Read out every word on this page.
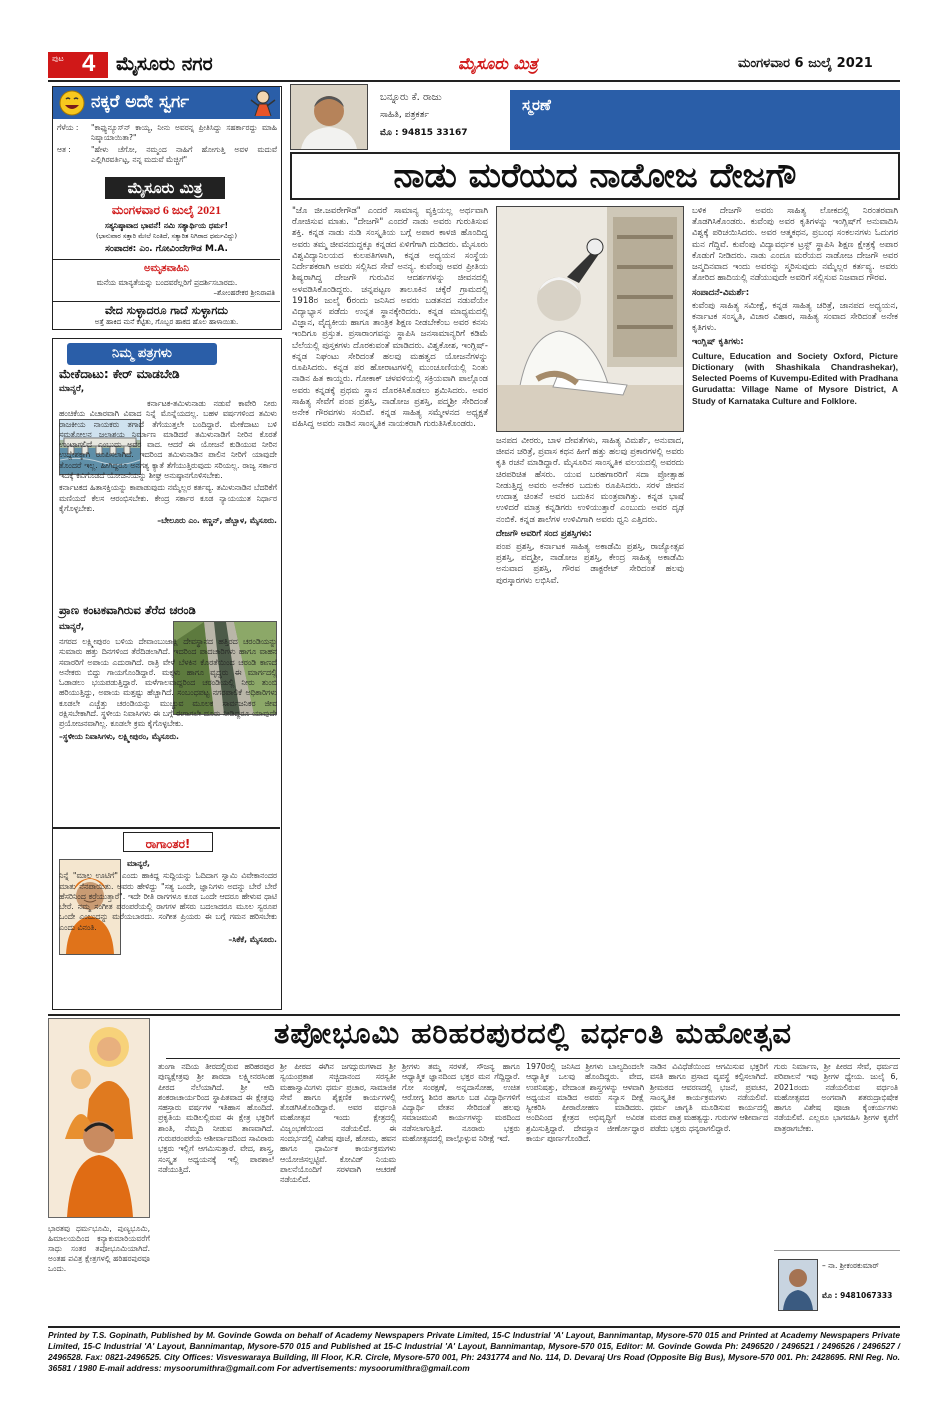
ಪುಟ 4 ಮೈಸೂರು ನಗರ	ಮೈಸೂರು ಮಿತ್ರ	ಮಂಗಳವಾರ 6 ಜುಲೈ 2021
ನಕ್ಕರೆ ಅದೇ ಸ್ವರ್ಗ
ಗೆಳೆಯ :	"ಕಾಫ್ಯುನ್ಯೂಸ್‌ನ್ ಕಾಯ್ಯ, ನೀನು ಅವರನ್ನ ಪ್ರೀತಿಸಿದ್ದು ಸಹರ್ಕಾರದ್ದು ಮಾಹಿ ನಿಷ್ಕಾಯಾಯಿತಾ?"
ಆತ :	"ಹೇಳು ಚೆಗೋ, ನಮ್ಮಂದ ನಾಹಿಗೆ ಹೋಗುತ್ತಿ ಅವಳ ಮದುವೆ ಎಲ್ಲಿಗಿರವರ್ತಿಟ್ಟ, ನನ್ನ ಮದುವೆ ಮೆಚ್ಚಿಗೆ"
ಮೈಸೂರು ಮಿತ್ರ
ಮಂಗಳವಾರ 6 ಜುಲೈ 2021
ಸತ್ಯನಿಷ್ಠಾವಾದ ಭಾವನೆ! ನಮಿ ಸತ್ಯಾರ್ಥಿಯ ಧರ್ಮ!
(ಭಾನುವಾರ ಸತ್ತಾರಿ ಮೇಲೆ ನಿಂತಿದೆ, ಸತ್ಯಾರಿತ ನಿಗಿರಾದ ಧರ್ಮವಿದ್ದು)
ಸಂಪಾದಕ: ಎಂ. ಗೋವಿಂದೇಗೌಡ M.A.
ಅಮೃತವಾಹಿನಿ
ಮನೆಯ ಮಾನ್ಯತೆಯನ್ನು ಬಂದವರೆಲ್ಲರಿಗೆ ಪ್ರದರ್ಶಿಸಬಾರದು.
–ಶೋಂಹರೇಕರ ಶ್ರೀನಿರಾಪತಿ
ವೇದ ಸುಳ್ಳಾದರೂ ಗಾದೆ ಸುಳ್ಳಾಗದು
ಅತ್ತೆ ಹಾಕಿದ ಮನೆ ಕೆಟ್ಟಿತು, ಗೊಬ್ಬರ ಹಾಕದ ಹೊಲ ಹಾಳಾಯಿತು.
ನಿಮ್ಮ ಪತ್ರಗಳು
ಮೇಕೆದಾಟು: ಕೇರ್ ಮಾಡಬೇಡಿ
ಮಾನ್ಯರೆ,

ಕರ್ನಾಟಕ-ತಮಿಳುನಾಡು ನಡುವೆ ಕಾವೇರಿ ನೀರು ಹಂಚಿಕೆಯ ವಿಚಾರವಾಗಿ ವಿವಾದ ನಿನ್ನೆ ಮೊನ್ನೆಯದಲ್ಲ. ಬಹಳ ವರ್ಷಗಳಿಂದ ತಮಿಳು ರಾಜಕೀಯ ನಾಯಕರು ತಗಾದೆ ತೆಗೆಯುತ್ತಲೇ ಬಂದಿದ್ದಾರೆ. ಮೇಕೆದಾಟು ಬಳಿ ಸಮತೋಲನ ಜಲಾಶಯ ನಿರ್ಮಾಣ ಮಾಡಿದರೆ ತಮಿಳುನಾಡಿಗೆ ನೀರಿನ ಕೊರತೆ ಉಂಟಾಗಲಿದೆ ಎಂಬುದು ಅವರ ವಾದ. ಆದರೆ ಈ ಯೋಜನೆ ಕುಡಿಯುವ ನೀರಿನ ಉದ್ದೇಶಕ್ಕಾಗಿ ರೂಪಿಸಲಾಗಿದೆ. ಇದರಿಂದ ತಮಿಳುನಾಡಿನ ಪಾಲಿನ ನೀರಿಗೆ ಯಾವುದೇ ತೊಂದರೆ ಇಲ್ಲ. ಹೀಗಿದ್ದರೂ ಅನಗತ್ಯ ಕ್ಯಾತೆ ತೆಗೆಯುತ್ತಿರುವುದು ಸರಿಯಲ್ಲ. ರಾಜ್ಯ ಸರ್ಕಾರ ಇದಕ್ಕೆ ಕಿವಿಗೊಡದೆ ಯೋಜನೆಯನ್ನು ಶೀಘ್ರ ಅನುಷ್ಠಾನಗೊಳಿಸಬೇಕು.

ಕರ್ನಾಟಕದ ಹಿತಾಸಕ್ತಿಯನ್ನು ಕಾಪಾಡುವುದು ನಮ್ಮೆಲ್ಲರ ಕರ್ತವ್ಯ. ತಮಿಳುನಾಡಿನ ಬೆದರಿಕೆಗೆ ಮಣಿಯದೆ ಕೆಲಸ ಆರಂಭಿಸಬೇಕು. ಕೇಂದ್ರ ಸರ್ಕಾರ ಕೂಡ ನ್ಯಾಯಯುತ ನಿರ್ಧಾರ ಕೈಗೊಳ್ಳಬೇಕು.

–ಬೇಲೂರು ಎಂ. ಕಣ್ಣನ್, ಹೆಬ್ಬಾಳ, ಮೈಸೂರು.

ಪ್ರಾಣ ಕಂಟಕವಾಗಿರುವ ತೆರೆದ ಚರಂಡಿ
ಮಾನ್ಯರೆ,

ನಗರದ ಲಕ್ಷ್ಮೀಪುರಂ ಬಳಿಯ ದೇವಾಂಬುಜಾಕ್ಷಿ ದೇವಸ್ಥಾನದ ಹತ್ತಿರದ ಚರಂಡಿಯನ್ನು ಸುಮಾರು ಹತ್ತು ದಿನಗಳಿಂದ ತೆರೆದಿಡಲಾಗಿದೆ. ಇದರಿಂದ ಪಾದಚಾರಿಗಳು ಹಾಗೂ ವಾಹನ ಸವಾರರಿಗೆ ಅಪಾಯ ಎದುರಾಗಿದೆ. ರಾತ್ರಿ ವೇಳೆ ಬೆಳಕಿನ ಕೊರತೆಯಿಂದ ಚರಂಡಿ ಕಾಣದೆ ಅನೇಕರು ಬಿದ್ದು ಗಾಯಗೊಂಡಿದ್ದಾರೆ. ಮಕ್ಕಳು ಹಾಗೂ ವೃದ್ಧರು ಈ ಮಾರ್ಗದಲ್ಲಿ ಓಡಾಡಲು ಭಯಪಡುತ್ತಿದ್ದಾರೆ. ಮಳೆಗಾಲವಾದ್ದರಿಂದ ಚರಂಡಿಯಲ್ಲಿ ನೀರು ತುಂಬಿ ಹರಿಯುತ್ತಿದ್ದು, ಅಪಾಯ ಮತ್ತಷ್ಟು ಹೆಚ್ಚಾಗಿದೆ. ಸಂಬಂಧಪಟ್ಟ ನಗರಪಾಲಿಕೆ ಅಧಿಕಾರಿಗಳು ಕೂಡಲೇ ಎಚ್ಚೆತ್ತು ಚರಂಡಿಯನ್ನು ಮುಚ್ಚುವ ಮೂಲಕ ಸಾರ್ವಜನಿಕರ ಜೀವ ರಕ್ಷಿಸಬೇಕಾಗಿದೆ. ಸ್ಥಳೀಯ ನಿವಾಸಿಗಳು ಈ ಬಗ್ಗೆ ಈಗಾಗಲೇ ದೂರು ನೀಡಿದ್ದರೂ ಯಾವುದೇ ಪ್ರಯೋಜನವಾಗಿಲ್ಲ. ಕೂಡಲೇ ಕ್ರಮ ಕೈಗೊಳ್ಳಬೇಕು.

–ಸ್ಥಳೀಯ ನಿವಾಸಿಗಳು, ಲಕ್ಷ್ಮೀಪುರಂ, ಮೈಸೂರು.

ರಾಗಾಂತರ!

ಮಾನ್ಯರೆ,

ನಿನ್ನೆ "ಮಾಲ ಊಟಿಗೆ" ಎಂದು ಹಾಕಿದ್ದ ಸುದ್ದಿಯನ್ನು ಓದಿದಾಗ ಸ್ವಾಮಿ ವಿವೇಕಾನಂದರ ಮಾತು ನೆನಪಾಯಿತು. ಅವರು ಹೇಳಿದ್ದು "ಸತ್ಯ ಒಂದೇ, ಜ್ಞಾನಿಗಳು ಅದನ್ನು ಬೇರೆ ಬೇರೆ ಹೆಸರಿನಿಂದ ಕರೆಯುತ್ತಾರೆ". ಇದೇ ರೀತಿ ರಾಗಗಳೂ ಕೂಡ ಒಂದೇ ಆದರೂ ಹೇಳುವ ಧಾಟಿ ಬೇರೆ. ನಮ್ಮ ಸಂಗೀತ ಪರಂಪರೆಯಲ್ಲಿ ರಾಗಗಳ ಹೆಸರು ಬದಲಾದರೂ ಮೂಲ ಸ್ವರೂಪ ಒಂದೇ ಎಂಬುದನ್ನು ಮರೆಯಬಾರದು. ಸಂಗೀತ ಪ್ರಿಯರು ಈ ಬಗ್ಗೆ ಗಮನ ಹರಿಸಬೇಕು ಎಂದು ವಿನಂತಿ.

–ಸಿಕೆಕೆ, ಮೈಸೂರು.

ಬನ್ನೂರು ಕೆ. ರಾಜು
ಸಾಹಿತಿ, ಪತ್ರಕರ್ತ
ಮೊ : 94815 33167
ಸ್ಮರಣೆ
ನಾಡು ಮರೆಯದ ನಾಡೋಜ ದೇಜಗೌ

"ಜೊ ಜೀ.ಜವರೇಗೌಡ" ಎಂದರೆ ಸಾಮಾನ್ಯ ವ್ಯಕ್ತಿಯಲ್ಲ ಅರ್ಥವಾಗಿ ರೋಜಿಸುವ ಮಾತು. "ದೇಜಗೌ" ಎಂದರೆ ನಾಡು ಅವರು ಗುರುತಿಸುವ ಶಕ್ತಿ. ಕನ್ನಡ ನಾಡು ನುಡಿ ಸಂಸ್ಕೃತಿಯ ಬಗ್ಗೆ ಅಪಾರ ಕಾಳಜಿ ಹೊಂದಿದ್ದ ಅವರು ತಮ್ಮ ಜೀವನದುದ್ದಕ್ಕೂ ಕನ್ನಡದ ಏಳಿಗೆಗಾಗಿ ದುಡಿದರು. ಮೈಸೂರು ವಿಶ್ವವಿದ್ಯಾನಿಲಯದ ಕುಲಪತಿಗಳಾಗಿ, ಕನ್ನಡ ಅಧ್ಯಯನ ಸಂಸ್ಥೆಯ ನಿರ್ದೇಶಕರಾಗಿ ಅವರು ಸಲ್ಲಿಸಿದ ಸೇವೆ ಅನನ್ಯ. ಕುವೆಂಪು ಅವರ ಪ್ರೀತಿಯ ಶಿಷ್ಯರಾಗಿದ್ದ ದೇಜಗೌ ಗುರುವಿನ ಆದರ್ಶಗಳನ್ನು ಜೀವನದಲ್ಲಿ ಅಳವಡಿಸಿಕೊಂಡಿದ್ದರು. ಚನ್ನಪಟ್ಟಣ ತಾಲೂಕಿನ ಚಕ್ಕೆರೆ ಗ್ರಾಮದಲ್ಲಿ 1918ರ ಜುಲೈ 6ರಂದು ಜನಿಸಿದ ಅವರು ಬಡತನದ ನಡುವೆಯೇ ವಿದ್ಯಾಭ್ಯಾಸ ಪಡೆದು ಉನ್ನತ ಸ್ಥಾನಕ್ಕೇರಿದರು. ಕನ್ನಡ ಮಾಧ್ಯಮದಲ್ಲಿ ವಿಜ್ಞಾನ, ವೈದ್ಯಕೀಯ ಹಾಗೂ ತಾಂತ್ರಿಕ ಶಿಕ್ಷಣ ನೀಡಬೇಕೆಂಬ ಅವರ ಕನಸು ಇಂದಿಗೂ ಪ್ರಸ್ತುತ. ಪ್ರಸಾರಾಂಗವನ್ನು ಸ್ಥಾಪಿಸಿ ಜನಸಾಮಾನ್ಯರಿಗೆ ಕಡಿಮೆ ಬೆಲೆಯಲ್ಲಿ ಪುಸ್ತಕಗಳು ದೊರಕುವಂತೆ ಮಾಡಿದರು. ವಿಶ್ವಕೋಶ, ಇಂಗ್ಲಿಷ್-ಕನ್ನಡ ನಿಘಂಟು ಸೇರಿದಂತೆ ಹಲವು ಮಹತ್ವದ ಯೋಜನೆಗಳನ್ನು ರೂಪಿಸಿದರು. ಕನ್ನಡ ಪರ ಹೋರಾಟಗಳಲ್ಲಿ ಮುಂಚೂಣಿಯಲ್ಲಿ ನಿಂತು ನಾಡಿನ ಹಿತ ಕಾಯ್ದರು. ಗೋಕಾಕ್ ಚಳವಳಿಯಲ್ಲಿ ಸಕ್ರಿಯವಾಗಿ ಪಾಲ್ಗೊಂಡ ಅವರು ಕನ್ನಡಕ್ಕೆ ಪ್ರಥಮ ಸ್ಥಾನ ದೊರಕಿಸಿಕೊಡಲು ಶ್ರಮಿಸಿದರು. ಅವರ ಸಾಹಿತ್ಯ ಸೇವೆಗೆ ಪಂಪ ಪ್ರಶಸ್ತಿ, ನಾಡೋಜ ಪ್ರಶಸ್ತಿ, ಪದ್ಮಶ್ರೀ ಸೇರಿದಂತೆ ಅನೇಕ ಗೌರವಗಳು ಸಂದಿವೆ. ಕನ್ನಡ ಸಾಹಿತ್ಯ ಸಮ್ಮೇಳನದ ಅಧ್ಯಕ್ಷತೆ ವಹಿಸಿದ್ದ ಅವರು ನಾಡಿನ ಸಾಂಸ್ಕೃತಿಕ ನಾಯಕರಾಗಿ ಗುರುತಿಸಿಕೊಂಡರು.

ಜನಪದ ವೀರರು, ಬಾಳ ದೇವತೆಗಳು, ಸಾಹಿತ್ಯ ವಿಮರ್ಶೆ, ಅನುವಾದ, ಜೀವನ ಚರಿತ್ರೆ, ಪ್ರವಾಸ ಕಥನ ಹೀಗೆ ಹತ್ತು ಹಲವು ಪ್ರಕಾರಗಳಲ್ಲಿ ಅವರು ಕೃತಿ ರಚನೆ ಮಾಡಿದ್ದಾರೆ. ಮೈಸೂರಿನ ಸಾಂಸ್ಕೃತಿಕ ವಲಯದಲ್ಲಿ ಅವರದು ಚಿರಪರಿಚಿತ ಹೆಸರು. ಯುವ ಬರಹಗಾರರಿಗೆ ಸದಾ ಪ್ರೋತ್ಸಾಹ ನೀಡುತ್ತಿದ್ದ ಅವರು ಅನೇಕರ ಬದುಕು ರೂಪಿಸಿದರು. ಸರಳ ಜೀವನ ಉದಾತ್ತ ಚಿಂತನೆ ಅವರ ಬದುಕಿನ ಮಂತ್ರವಾಗಿತ್ತು. ಕನ್ನಡ ಭಾಷೆ ಉಳಿದರೆ ಮಾತ್ರ ಕನ್ನಡಿಗರು ಉಳಿಯುತ್ತಾರೆ ಎಂಬುದು ಅವರ ದೃಢ ನಂಬಿಕೆ. ಕನ್ನಡ ಶಾಲೆಗಳ ಉಳಿವಿಗಾಗಿ ಅವರು ಧ್ವನಿ ಎತ್ತಿದರು.

ದೇಜಗೌ ಅವರಿಗೆ ಸಂದ ಪ್ರಶಸ್ತಿಗಳು:

ಪಂಪ ಪ್ರಶಸ್ತಿ, ಕರ್ನಾಟಕ ಸಾಹಿತ್ಯ ಅಕಾಡೆಮಿ ಪ್ರಶಸ್ತಿ, ರಾಜ್ಯೋತ್ಸವ ಪ್ರಶಸ್ತಿ, ಪದ್ಮಶ್ರೀ, ನಾಡೋಜ ಪ್ರಶಸ್ತಿ, ಕೇಂದ್ರ ಸಾಹಿತ್ಯ ಅಕಾಡೆಮಿ ಅನುವಾದ ಪ್ರಶಸ್ತಿ, ಗೌರವ ಡಾಕ್ಟರೇಟ್ ಸೇರಿದಂತೆ ಹಲವು ಪುರಸ್ಕಾರಗಳು ಲಭಿಸಿವೆ.

ಬಳಿಕ ದೇಜಗೌ ಅವರು ಸಾಹಿತ್ಯ ಲೋಕದಲ್ಲಿ ನಿರಂತರವಾಗಿ ತೊಡಗಿಸಿಕೊಂಡರು. ಕುವೆಂಪು ಅವರ ಕೃತಿಗಳನ್ನು ಇಂಗ್ಲಿಷ್‌ಗೆ ಅನುವಾದಿಸಿ ವಿಶ್ವಕ್ಕೆ ಪರಿಚಯಿಸಿದರು. ಅವರ ಆತ್ಮಕಥನ, ಪ್ರಬಂಧ ಸಂಕಲನಗಳು ಓದುಗರ ಮನ ಗೆದ್ದಿವೆ. ಕುವೆಂಪು ವಿದ್ಯಾವರ್ಧಕ ಟ್ರಸ್ಟ್ ಸ್ಥಾಪಿಸಿ ಶಿಕ್ಷಣ ಕ್ಷೇತ್ರಕ್ಕೆ ಅಪಾರ ಕೊಡುಗೆ ನೀಡಿದರು. ನಾಡು ಎಂದೂ ಮರೆಯದ ನಾಡೋಜ ದೇಜಗೌ ಅವರ ಜನ್ಮದಿನವಾದ ಇಂದು ಅವರನ್ನು ಸ್ಮರಿಸುವುದು ನಮ್ಮೆಲ್ಲರ ಕರ್ತವ್ಯ. ಅವರು ತೋರಿದ ಹಾದಿಯಲ್ಲಿ ನಡೆಯುವುದೇ ಅವರಿಗೆ ಸಲ್ಲಿಸುವ ನಿಜವಾದ ಗೌರವ.

ಸಂಪಾದನೆ-ವಿಮರ್ಶೆ:

ಕುವೆಂಪು ಸಾಹಿತ್ಯ ಸಮೀಕ್ಷೆ, ಕನ್ನಡ ಸಾಹಿತ್ಯ ಚರಿತ್ರೆ, ಜಾನಪದ ಅಧ್ಯಯನ, ಕರ್ನಾಟಕ ಸಂಸ್ಕೃತಿ, ವಿಚಾರ ವಿಹಾರ, ಸಾಹಿತ್ಯ ಸಂವಾದ ಸೇರಿದಂತೆ ಅನೇಕ ಕೃತಿಗಳು.

ಇಂಗ್ಲಿಷ್ ಕೃತಿಗಳು:

Culture, Education and Society Oxford, Picture Dictionary (with Shashikala Chandrashekar), Selected Poems of Kuvempu-Edited with Pradhana Gurudatta: Village Name of Mysore District, A Study of Karnataka Culture and Folklore.

ತಪೋಭೂಮಿ ಹರಿಹರಪುರದಲ್ಲಿ ವರ್ಧಂತಿ ಮಹೋತ್ಸವ
ಭಾರತವು ಧರ್ಮಭೂಮಿ, ಪುಣ್ಯಭೂಮಿ, ಹಿಮಾಲಯದಿಂದ ಕನ್ಯಾಕುಮಾರಿಯವರೆಗೆ ಸಾಧು ಸಂತರ ತಪೋಭೂಮಿಯಾಗಿದೆ. ಅಂತಹ ಪವಿತ್ರ ಕ್ಷೇತ್ರಗಳಲ್ಲಿ ಹರಿಹರಪುರವೂ ಒಂದು.
ತುಂಗಾ ನದಿಯ ತೀರದಲ್ಲಿರುವ ಹರಿಹರಪುರ ಪುಣ್ಯಕ್ಷೇತ್ರವು ಶ್ರೀ ಶಾರದಾ ಲಕ್ಷ್ಮೀನರಸಿಂಹ ಪೀಠದ ನೆಲೆಯಾಗಿದೆ. ಶ್ರೀ ಆದಿ ಶಂಕರಾಚಾರ್ಯರಿಂದ ಸ್ಥಾಪಿತವಾದ ಈ ಕ್ಷೇತ್ರವು ಸಹಸ್ರಾರು ವರ್ಷಗಳ ಇತಿಹಾಸ ಹೊಂದಿದೆ. ಪ್ರಕೃತಿಯ ಮಡಿಲಲ್ಲಿರುವ ಈ ಕ್ಷೇತ್ರ ಭಕ್ತರಿಗೆ ಶಾಂತಿ, ನೆಮ್ಮದಿ ನೀಡುವ ತಾಣವಾಗಿದೆ. ಗುರುಪರಂಪರೆಯ ಆಶೀರ್ವಾದದಿಂದ ಸಾವಿರಾರು ಭಕ್ತರು ಇಲ್ಲಿಗೆ ಆಗಮಿಸುತ್ತಾರೆ. ವೇದ, ಶಾಸ್ತ್ರ, ಸಂಸ್ಕೃತ ಅಧ್ಯಯನಕ್ಕೆ ಇಲ್ಲಿ ಪಾಠಶಾಲೆ ನಡೆಯುತ್ತಿದೆ.
ಶ್ರೀ ಪೀಠದ ಈಗಿನ ಜಗದ್ಗುರುಗಳಾದ ಶ್ರೀ ಸ್ವಯಂಪ್ರಕಾಶ ಸಚ್ಚಿದಾನಂದ ಸರಸ್ವತೀ ಮಹಾಸ್ವಾಮಿಗಳು ಧರ್ಮ ಪ್ರಚಾರ, ಸಾಮಾಜಿಕ ಸೇವೆ ಹಾಗೂ ಶೈಕ್ಷಣಿಕ ಕಾರ್ಯಗಳಲ್ಲಿ ತೊಡಗಿಸಿಕೊಂಡಿದ್ದಾರೆ. ಅವರ ವರ್ಧಂತಿ ಮಹೋತ್ಸವ ಇಂದು ಕ್ಷೇತ್ರದಲ್ಲಿ ವಿಜೃಂಭಣೆಯಿಂದ ನಡೆಯಲಿದೆ. ಈ ಸಂದರ್ಭದಲ್ಲಿ ವಿಶೇಷ ಪೂಜೆ, ಹೋಮ, ಹವನ ಹಾಗೂ ಧಾರ್ಮಿಕ ಕಾರ್ಯಕ್ರಮಗಳು ಆಯೋಜಿಸಲ್ಪಟ್ಟಿವೆ. ಕೋವಿಡ್ ನಿಯಮ ಪಾಲನೆಯೊಂದಿಗೆ ಸರಳವಾಗಿ ಆಚರಣೆ ನಡೆಯಲಿದೆ.
ಶ್ರೀಗಳು ತಮ್ಮ ಸರಳತೆ, ಸೌಜನ್ಯ ಹಾಗೂ ಆಧ್ಯಾತ್ಮಿಕ ಜ್ಞಾನದಿಂದ ಭಕ್ತರ ಮನ ಗೆದ್ದಿದ್ದಾರೆ. ಗೋ ಸಂರಕ್ಷಣೆ, ಅನ್ನದಾಸೋಹ, ಉಚಿತ ಆರೋಗ್ಯ ಶಿಬಿರ ಹಾಗೂ ಬಡ ವಿದ್ಯಾರ್ಥಿಗಳಿಗೆ ವಿದ್ಯಾರ್ಥಿ ವೇತನ ಸೇರಿದಂತೆ ಹಲವು ಸಮಾಜಮುಖಿ ಕಾರ್ಯಗಳನ್ನು ಮಠದಿಂದ ನಡೆಸಲಾಗುತ್ತಿದೆ. ನೂರಾರು ಭಕ್ತರು ಮಹೋತ್ಸವದಲ್ಲಿ ಪಾಲ್ಗೊಳ್ಳುವ ನಿರೀಕ್ಷೆ ಇದೆ.
1970ರಲ್ಲಿ ಜನಿಸಿದ ಶ್ರೀಗಳು ಬಾಲ್ಯದಿಂದಲೇ ಆಧ್ಯಾತ್ಮಿಕ ಒಲವು ಹೊಂದಿದ್ದರು. ವೇದ, ಉಪನಿಷತ್ತು, ವೇದಾಂತ ಶಾಸ್ತ್ರಗಳನ್ನು ಆಳವಾಗಿ ಅಧ್ಯಯನ ಮಾಡಿದ ಅವರು ಸನ್ಯಾಸ ದೀಕ್ಷೆ ಸ್ವೀಕರಿಸಿ ಪೀಠಾರೋಹಣ ಮಾಡಿದರು. ಅಂದಿನಿಂದ ಕ್ಷೇತ್ರದ ಅಭಿವೃದ್ಧಿಗೆ ಅವಿರತ ಶ್ರಮಿಸುತ್ತಿದ್ದಾರೆ. ದೇವಸ್ಥಾನ ಜೀರ್ಣೋದ್ಧಾರ ಕಾರ್ಯ ಪೂರ್ಣಗೊಂಡಿದೆ.
ನಾಡಿನ ವಿವಿಧೆಡೆಯಿಂದ ಆಗಮಿಸುವ ಭಕ್ತರಿಗೆ ವಸತಿ ಹಾಗೂ ಪ್ರಸಾದ ವ್ಯವಸ್ಥೆ ಕಲ್ಪಿಸಲಾಗಿದೆ. ಶ್ರೀಮಠದ ಆವರಣದಲ್ಲಿ ಭಜನೆ, ಪ್ರವಚನ, ಸಾಂಸ್ಕೃತಿಕ ಕಾರ್ಯಕ್ರಮಗಳು ನಡೆಯಲಿವೆ. ಧರ್ಮ ಜಾಗೃತಿ ಮೂಡಿಸುವ ಕಾರ್ಯದಲ್ಲಿ ಮಠದ ಪಾತ್ರ ಮಹತ್ವದ್ದು. ಗುರುಗಳ ಆಶೀರ್ವಾದ ಪಡೆದು ಭಕ್ತರು ಧನ್ಯರಾಗಲಿದ್ದಾರೆ.
ಗುರು ನಿರ್ಮಾಣ, ಶ್ರೀ ಪೀಠದ ಸೇವೆ, ಧರ್ಮದ ಪರಿಪಾಲನೆ ಇವು ಶ್ರೀಗಳ ಧ್ಯೇಯ. ಜುಲೈ 6, 2021ರಂದು ನಡೆಯಲಿರುವ ವರ್ಧಂತಿ ಮಹೋತ್ಸವದ ಅಂಗವಾಗಿ ಶತರುದ್ರಾಭಿಷೇಕ ಹಾಗೂ ವಿಶೇಷ ಪೂಜಾ ಕೈಂಕರ್ಯಗಳು ನಡೆಯಲಿವೆ. ಎಲ್ಲರೂ ಭಾಗವಹಿಸಿ ಶ್ರೀಗಳ ಕೃಪೆಗೆ ಪಾತ್ರರಾಗಬೇಕು.
– ನಾ. ಶ್ರೀಕಂಠಕುಮಾರ್
ಮೊ : 9481067333
Printed by T.S. Gopinath, Published by M. Govinde Gowda on behalf of Academy Newspapers Private Limited, 15-C Industrial 'A' Layout, Bannimantap, Mysore-570 015 and Printed at Academy Newspapers Private Limited, 15-C Industrial 'A' Layout, Bannimantap, Mysore-570 015 and Published at 15-C Industrial 'A' Layout, Bannimantap, Mysore-570 015, Editor: M. Govinde Gowda Ph: 2496520 / 2496521 / 2496526 / 2496527 / 2496528. Fax: 0821-2496525. City Offices: Visveswaraya Building, III Floor, K.R. Circle, Mysore-570 001, Ph: 2431774 and No. 114, D. Devaraj Urs Road (Opposite Big Bus), Mysore-570 001. Ph: 2428695. RNI Reg. No. 36581 / 1980 E-mail address: mysoorumithra@gmail.com For advertisements: mysoorumithra@gmail.com
